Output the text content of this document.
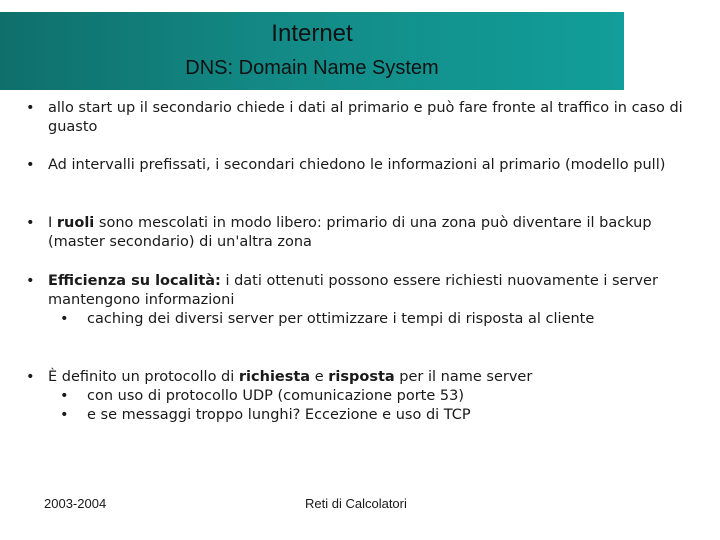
Internet
DNS: Domain Name System
• allo start up il secondario chiede i dati al primario e può fare fronte al traffico in caso di guasto
• Ad intervalli prefissati, i secondari chiedono le informazioni al primario (modello pull)
• I ruoli sono mescolati in modo libero: primario di una zona può diventare il backup (master secondario) di un'altra zona
• Efficienza su località: i dati ottenuti possono essere richiesti nuovamente i server mantengono informazioni
• caching dei diversi server per ottimizzare i tempi di risposta al cliente
• È definito un protocollo di richiesta e risposta per il name server
• con uso di protocollo UDP (comunicazione porte 53)
• e se messaggi troppo lunghi? Eccezione e uso di TCP
2003-2004	Reti di Calcolatori
